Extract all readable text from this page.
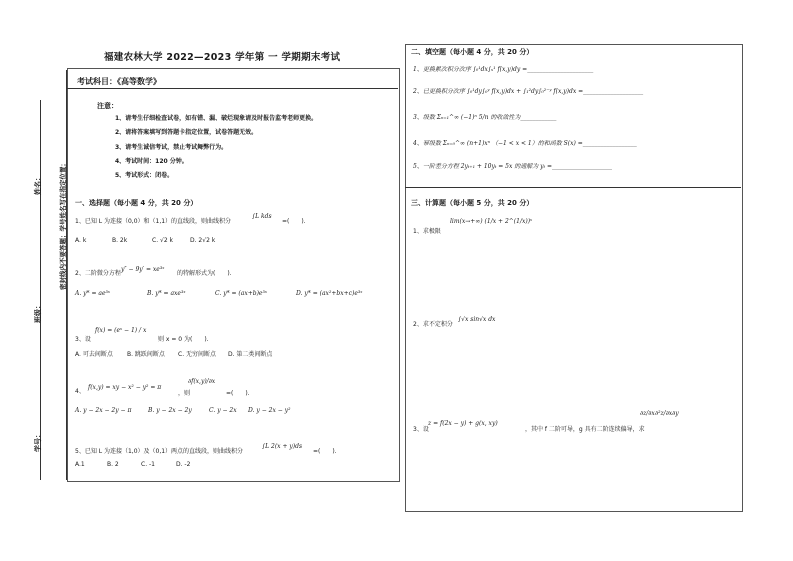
姓名：
班级：
学号：
密封线内不要答题；学号姓名写在指定位置；
福建农林大学 2022—2023 学年第 一 学期期末考试
考试科目：《高等数学》
注意：
1、请考生仔细检查试卷，如有错、漏、破烂现象请及时报告监考老师更换。
2、请将答案填写到答题卡指定位置，试卷答题无效。
3、请考生诚信考试，禁止考试舞弊行为。
4、考试时间：120 分钟。
5、考试形式：闭卷。
一、选择题（每小题 4 分，共 20 分）
1、已知 L 为连接（0,0）和（1,1）的直线段，则曲线积分
∫L kds
=(　　).
A. k	B. 2k	C. √2 k	D. 2√2 k
2、二阶微分方程
y″ − 9y′ = xe³ˣ
的特解形式为(　　).
A. y* = ae³ˣ	B. y* = axe³ˣ	C. y* = (ax+b)e³ˣ	D. y* = (ax²+bx+c)e³ˣ
3、设
f(x) = (eˣ − 1) / x
则 x = 0 为(　　).
A. 可去间断点 B. 跳跃间断点 C. 无穷间断点 D. 第二类间断点
4、
f(x,y) = xy − x² − y² = π
，则
∂f(x,y)/∂x
=(　　).
A. y − 2x − 2y − π	B. y − 2x − 2y	C. y − 2x D. y − 2x − y²
5、已知 L 为连接（1,0）及（0,1）两点的直线段，则曲线积分
∫L 2(x + y)ds
=(　　).
A.1	B. 2	C. -1	D. -2
二、填空题（每小题 4 分，共 20 分）
1、更换累次积分次序 ∫₀¹dx∫ₓ¹ f(x,y)dy =______________________
2、已更换积分次序 ∫₀¹dy∫₀ʸ f(x,y)dx + ∫₁²dy∫₀²⁻ʸ f(x,y)dx =____________________
3、级数 Σₙ₌₁^∞ (−1)ⁿ 5/n 的收敛性为____________
4、幂级数 Σₙ₌₀^∞ (n+1)xⁿ （−1 < x < 1）的和函数 S(x) =__________________
5、一阶差分方程 2yₜ₊₁ + 10yₜ = 5x 的通解为 yₜ =____________________
三、计算题（每小题 5 分，共 20 分）
1、求极限
lim(x→+∞) (1/x + 2^(1/x))ˣ
2、求不定积分
∫√x sin√x dx
3、设
z = f(2x − y) + g(x, xy)
，其中 f 二阶可导，g 具有二阶连续偏导，求
∂z/∂x ∂²z/∂x∂y
